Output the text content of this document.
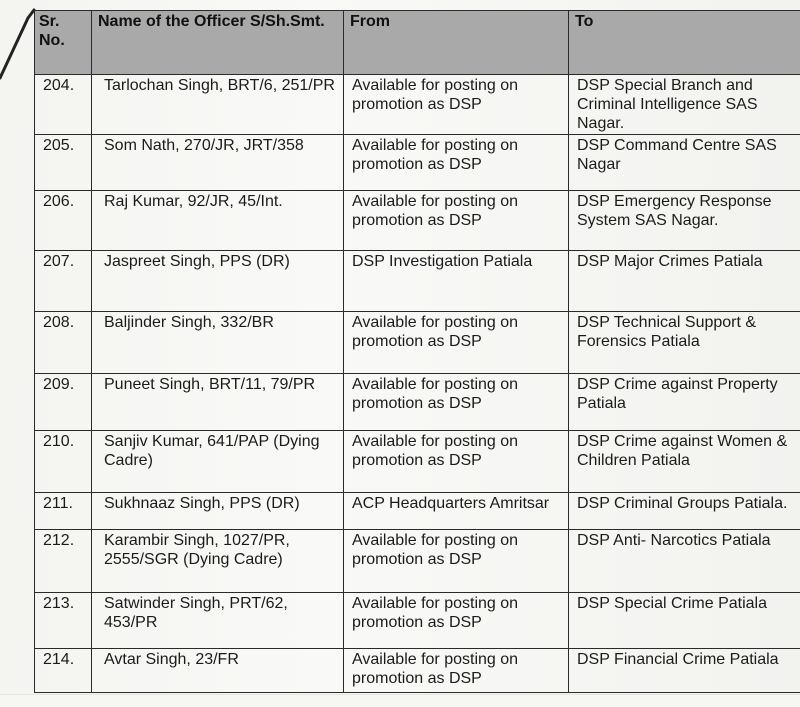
Sr. No.	Name of the Officer S/Sh.Smt.	From	To
204.	Tarlochan Singh, BRT/6, 251/PR	Available for posting on promotion as DSP	DSP Special Branch and Criminal Intelligence SAS Nagar.
205.	Som Nath, 270/JR, JRT/358	Available for posting on promotion as DSP	DSP Command Centre SAS Nagar
206.	Raj Kumar, 92/JR, 45/Int.	Available for posting on promotion as DSP	DSP Emergency Response System SAS Nagar.
207.	Jaspreet Singh, PPS (DR)	DSP Investigation Patiala	DSP Major Crimes Patiala
208.	Baljinder Singh, 332/BR	Available for posting on promotion as DSP	DSP Technical Support & Forensics Patiala
209.	Puneet Singh, BRT/11, 79/PR	Available for posting on promotion as DSP	DSP Crime against Property Patiala
210.	Sanjiv Kumar, 641/PAP (Dying Cadre)	Available for posting on promotion as DSP	DSP Crime against Women & Children Patiala
211.	Sukhnaaz Singh, PPS (DR)	ACP Headquarters Amritsar	DSP Criminal Groups Patiala.
212.	Karambir Singh, 1027/PR, 2555/SGR (Dying Cadre)	Available for posting on promotion as DSP	DSP Anti- Narcotics Patiala
213.	Satwinder Singh, PRT/62, 453/PR	Available for posting on promotion as DSP	DSP Special Crime Patiala
214.	Avtar Singh, 23/FR	Available for posting on promotion as DSP	DSP Financial Crime Patiala
